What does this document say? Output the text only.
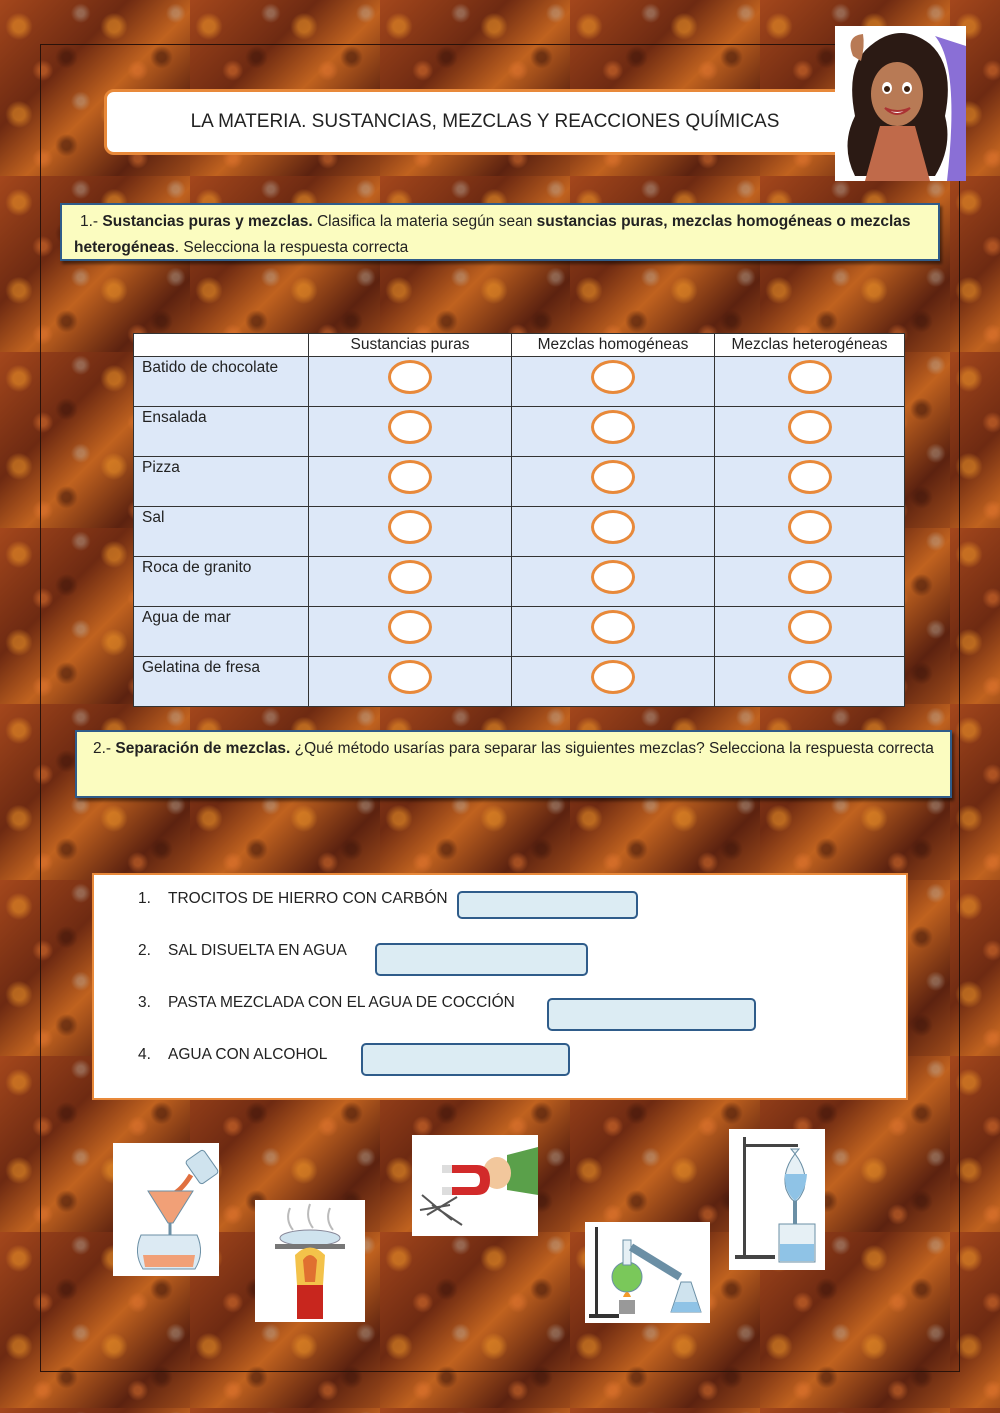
LA MATERIA. SUSTANCIAS, MEZCLAS Y REACCIONES QUÍMICAS
1.- Sustancias puras y mezclas. Clasifica la materia según sean sustancias puras, mezclas homogéneas o mezclas heterogéneas. Selecciona la respuesta correcta
	Sustancias puras	Mezclas homogéneas	Mezclas heterogéneas
Batido de chocolate	

Ensalada	

Pizza	

Sal	

Roca de granito	

Agua de mar	

Gelatina de fresa	

2.- Separación de mezclas. ¿Qué método usarías para separar las siguientes mezclas? Selecciona la respuesta correcta
1. TROCITOS DE HIERRO CON CARBÓN
2. SAL DISUELTA EN AGUA
3. PASTA MEZCLADA CON EL AGUA DE COCCIÓN
4. AGUA CON ALCOHOL
